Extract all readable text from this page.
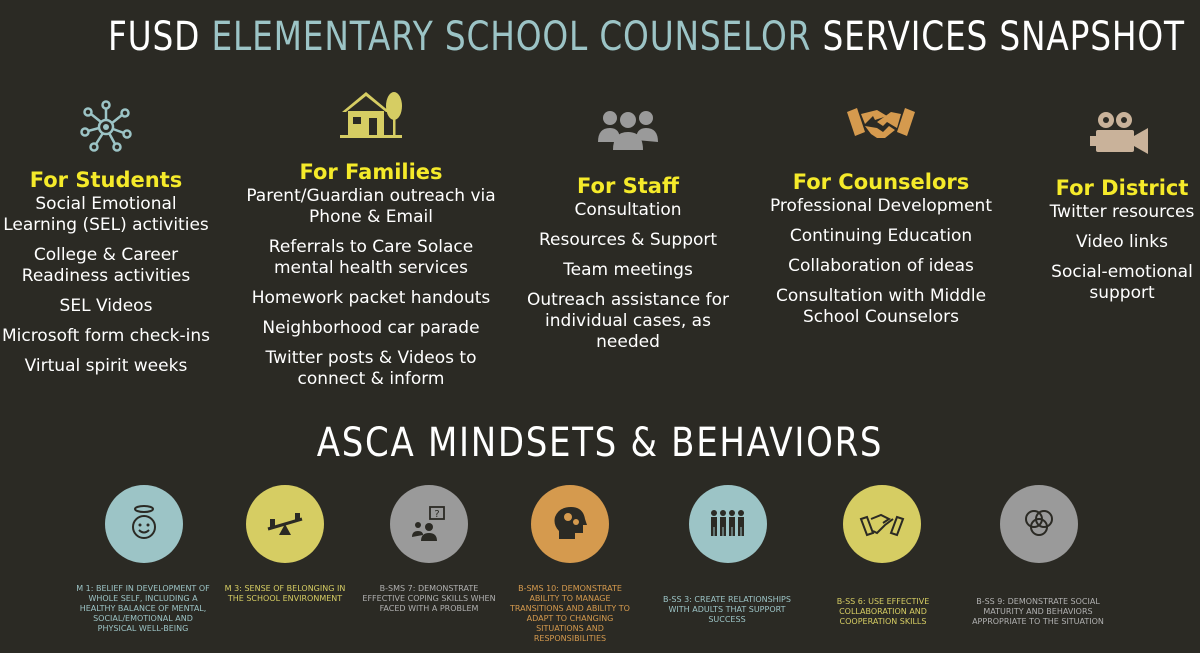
FUSD ELEMENTARY SCHOOL COUNSELOR SERVICES SNAPSHOT
For Students
Social Emotional Learning (SEL) activities
College & Career Readiness activities
SEL Videos
Microsoft form check-ins
Virtual spirit weeks
For Families
Parent/Guardian outreach via Phone & Email
Referrals to Care Solace mental health services
Homework packet handouts
Neighborhood car parade
Twitter posts & Videos to connect & inform
For Staff
Consultation
Resources & Support
Team meetings
Outreach assistance for individual cases, as needed
For Counselors
Professional Development
Continuing Education
Collaboration of ideas
Consultation with Middle School Counselors
For District
Twitter resources
Video links
Social-emotional support
ASCA MINDSETS & BEHAVIORS
?
M 1: BELIEF IN DEVELOPMENT OF WHOLE SELF, INCLUDING A HEALTHY BALANCE OF MENTAL, SOCIAL/EMOTIONAL AND PHYSICAL WELL-BEING
M 3: SENSE OF BELONGING IN THE SCHOOL ENVIRONMENT
B-SMS 7: DEMONSTRATE EFFECTIVE COPING SKILLS WHEN FACED WITH A PROBLEM
B-SMS 10: DEMONSTRATE ABILITY TO MANAGE TRANSITIONS AND ABILITY TO ADAPT TO CHANGING SITUATIONS AND RESPONSIBILITIES
B-SS 3: CREATE RELATIONSHIPS WITH ADULTS THAT SUPPORT SUCCESS
B-SS 6: USE EFFECTIVE COLLABORATION AND COOPERATION SKILLS
B-SS 9: DEMONSTRATE SOCIAL MATURITY AND BEHAVIORS APPROPRIATE TO THE SITUATION
